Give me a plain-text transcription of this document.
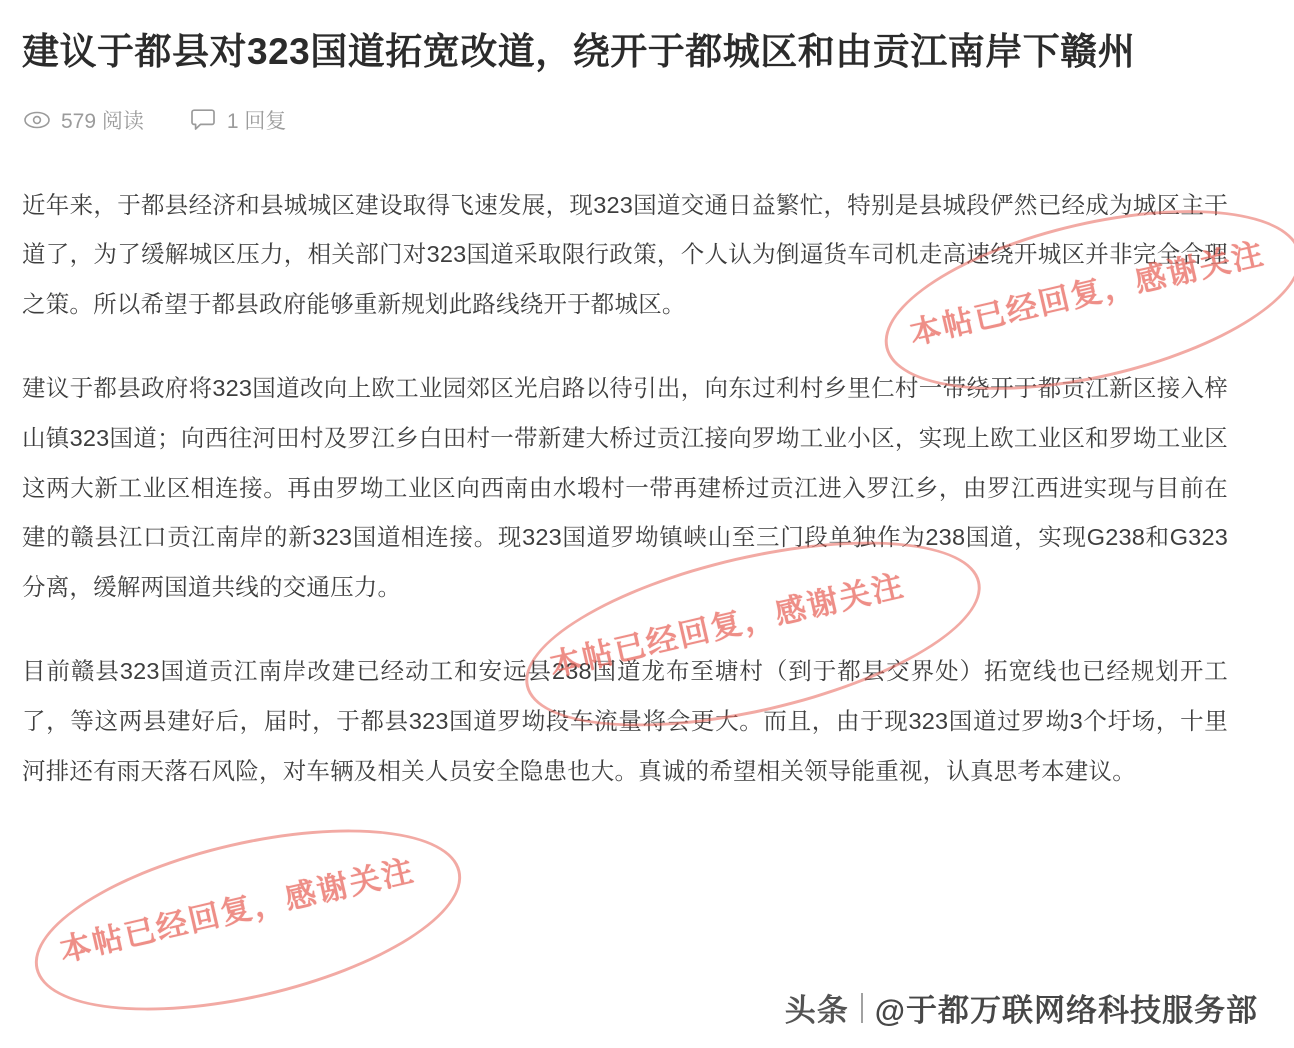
建议于都县对323国道拓宽改道，绕开于都城区和由贡江南岸下赣州
579 阅读	1 回复

近年来，于都县经济和县城城区建设取得飞速发展，现323国道交通日益繁忙，特别是县城段俨然已经成为城区主干道了，为了缓解城区压力，相关部门对323国道采取限行政策，个人认为倒逼货车司机走高速绕开城区并非完全合理之策。所以希望于都县政府能够重新规划此路线绕开于都城区。

建议于都县政府将323国道改向上欧工业园郊区光启路以待引出，向东过利村乡里仁村一带绕开于都贡江新区接入梓山镇323国道；向西往河田村及罗江乡白田村一带新建大桥过贡江接向罗坳工业小区，实现上欧工业区和罗坳工业区这两大新工业区相连接。再由罗坳工业区向西南由水塅村一带再建桥过贡江进入罗江乡，由罗江西进实现与目前在建的赣县江口贡江南岸的新323国道相连接。现323国道罗坳镇峡山至三门段单独作为238国道，实现G238和G323分离，缓解两国道共线的交通压力。

目前赣县323国道贡江南岸改建已经动工和安远县238国道龙布至塘村（到于都县交界处）拓宽线也已经规划开工了，等这两县建好后，届时，于都县323国道罗坳段车流量将会更大。而且，由于现323国道过罗坳3个圩场，十里河排还有雨天落石风险，对车辆及相关人员安全隐患也大。真诚的希望相关领导能重视，认真思考本建议。

本帖已经回复，感谢关注
本帖已经回复，感谢关注
本帖已经回复，感谢关注
头条 @于都万联网络科技服务部
